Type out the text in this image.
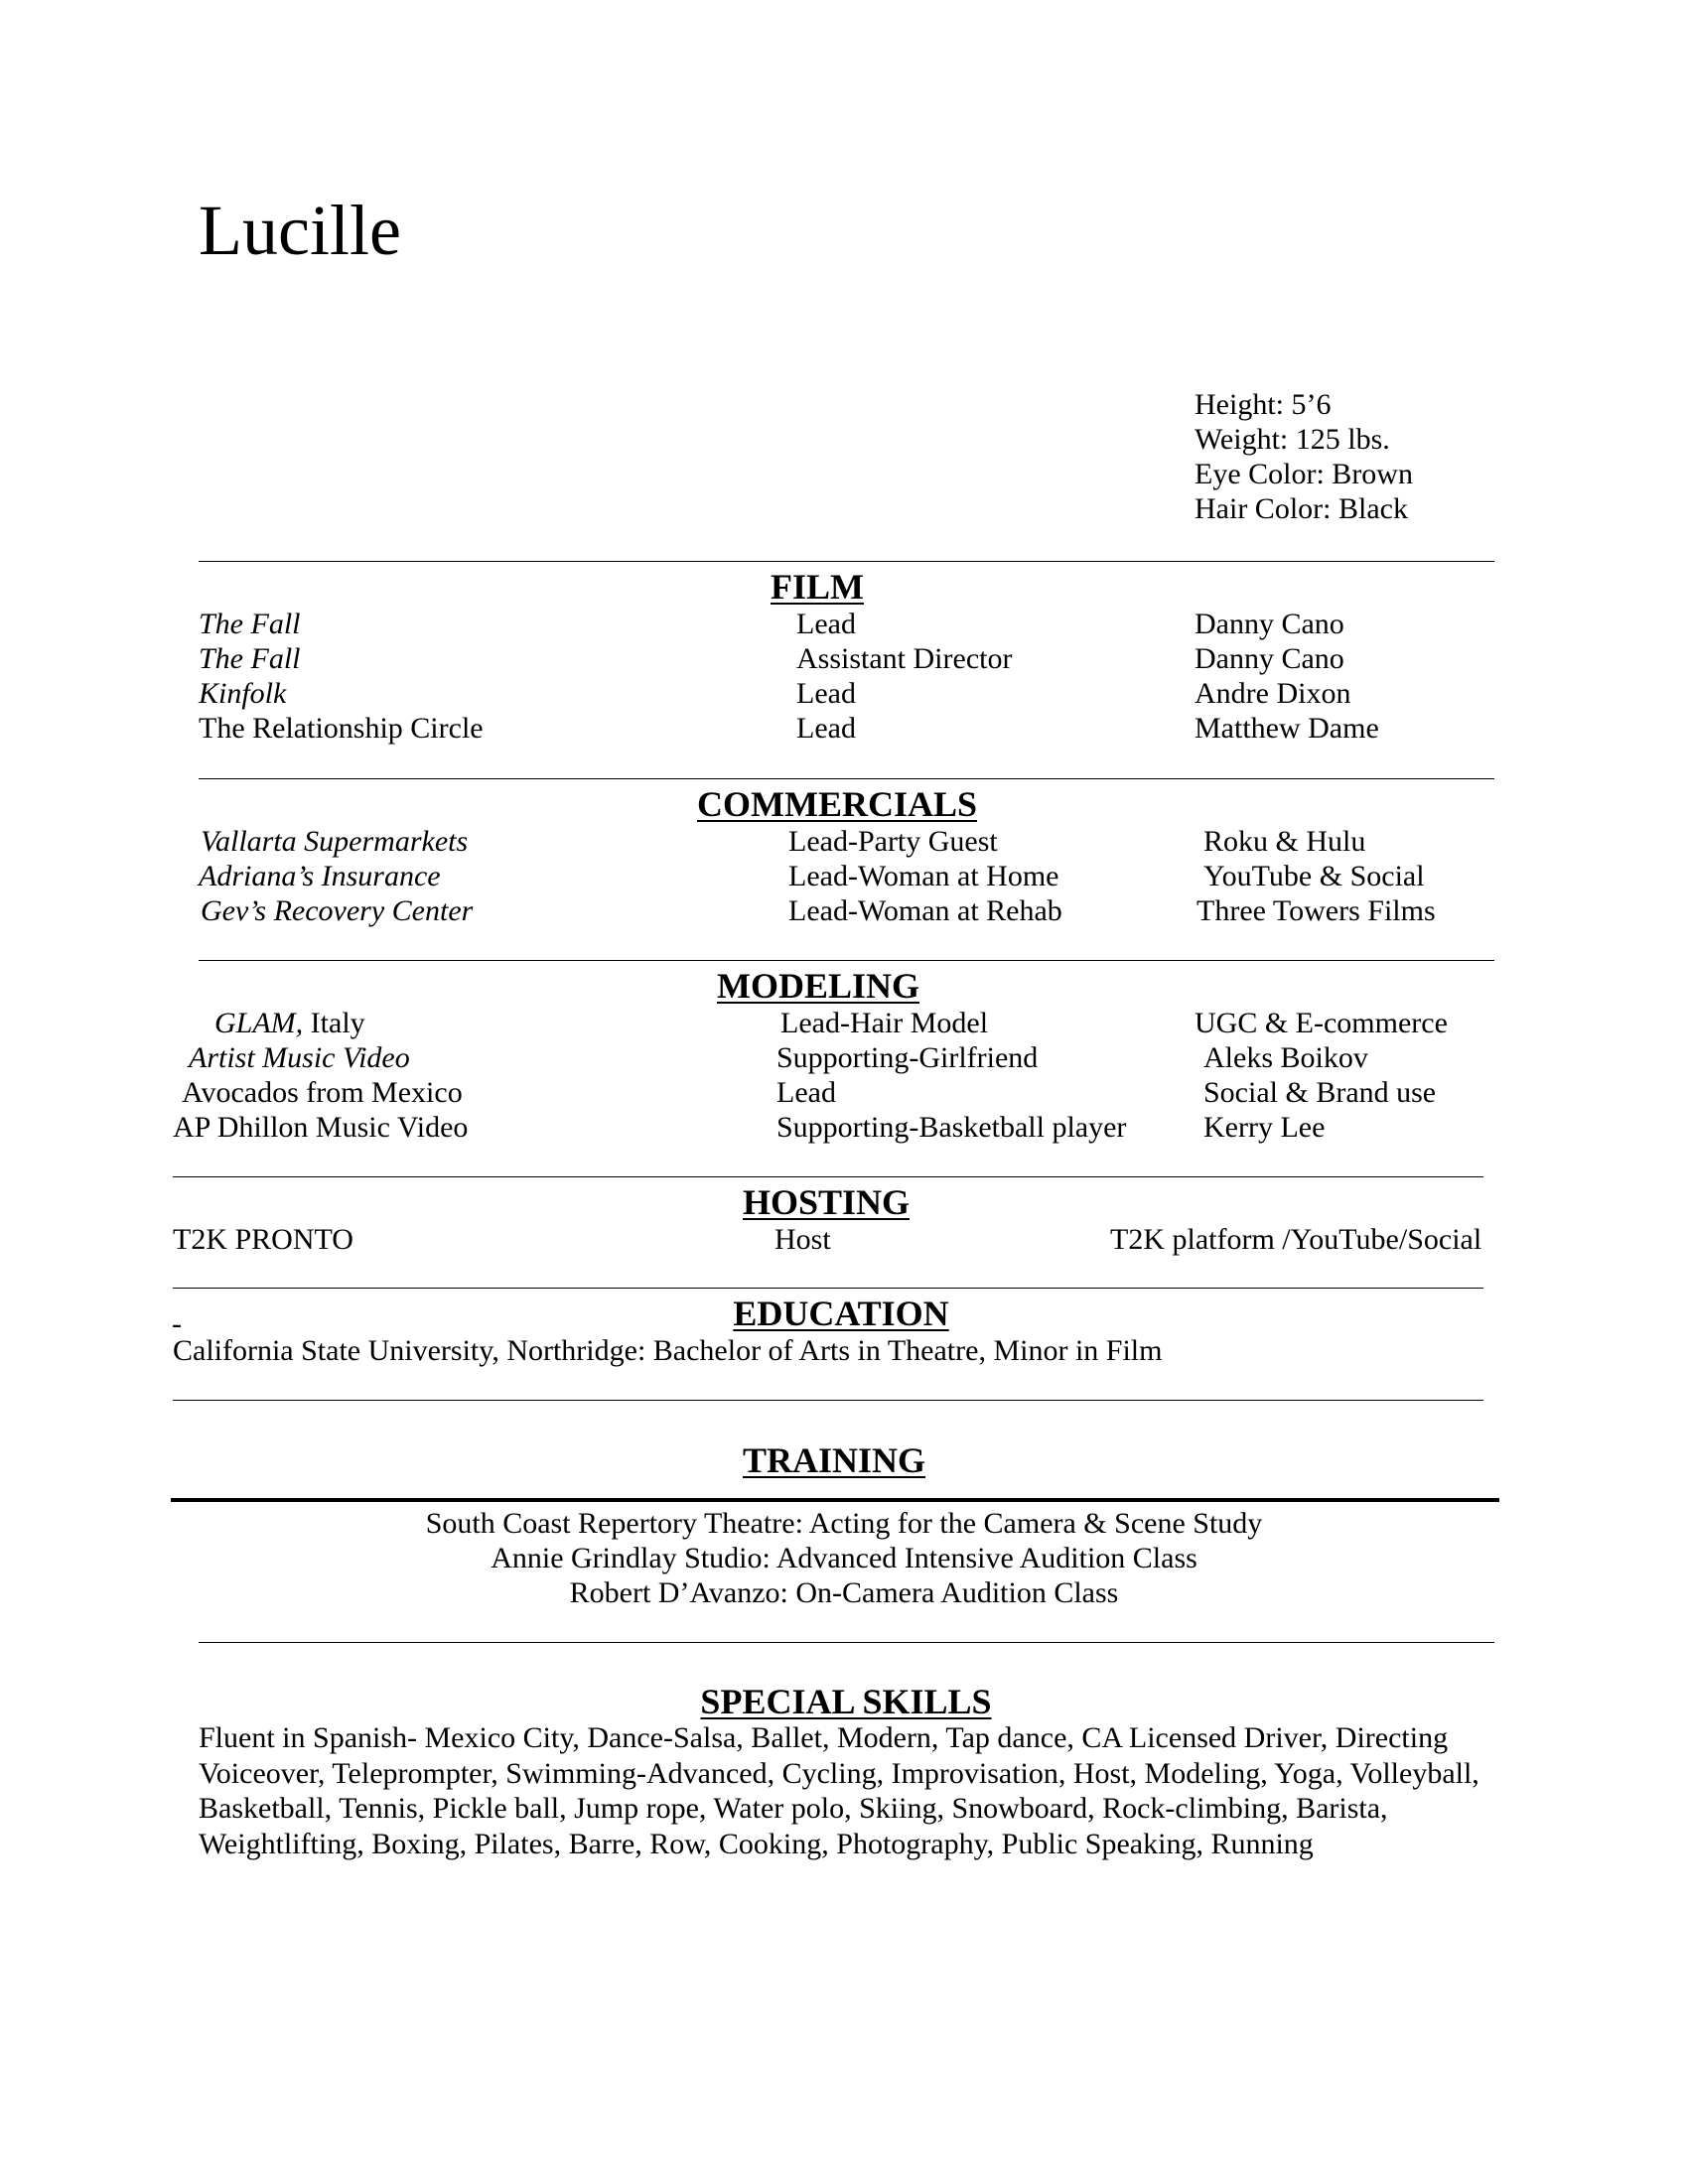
Lucille
Height: 5’6
Weight: 125 lbs.
Eye Color: Brown
Hair Color: Black
FILM
The Fall	Lead	Danny Cano
The Fall	Assistant Director	Danny Cano
Kinfolk	Lead	Andre Dixon
The Relationship Circle	Lead	Matthew Dame
COMMERCIALS
Vallarta Supermarkets	Lead-Party Guest	Roku & Hulu
Adriana’s Insurance	Lead-Woman at Home	YouTube & Social
Gev’s Recovery Center	Lead-Woman at Rehab	Three Towers Films
MODELING
GLAM, Italy	Lead-Hair Model	UGC & E-commerce
Artist Music Video	Supporting-Girlfriend	Aleks Boikov
Avocados from Mexico	Lead	Social & Brand use
AP Dhillon Music Video	Supporting-Basketball player	Kerry Lee
HOSTING
T2K PRONTO	Host	T2K platform /YouTube/Social
EDUCATION
-
California State University, Northridge: Bachelor of Arts in Theatre, Minor in Film
TRAINING
South Coast Repertory Theatre: Acting for the Camera & Scene Study
Annie Grindlay Studio: Advanced Intensive Audition Class
Robert D’Avanzo: On-Camera Audition Class
SPECIAL SKILLS
Fluent in Spanish- Mexico City, Dance-Salsa, Ballet, Modern, Tap dance, CA Licensed Driver, Directing Voiceover, Teleprompter, Swimming-Advanced, Cycling, Improvisation, Host, Modeling, Yoga, Volleyball, Basketball, Tennis, Pickle ball, Jump rope, Water polo, Skiing, Snowboard, Rock-climbing, Barista, Weightlifting, Boxing, Pilates, Barre, Row, Cooking, Photography, Public Speaking, Running
